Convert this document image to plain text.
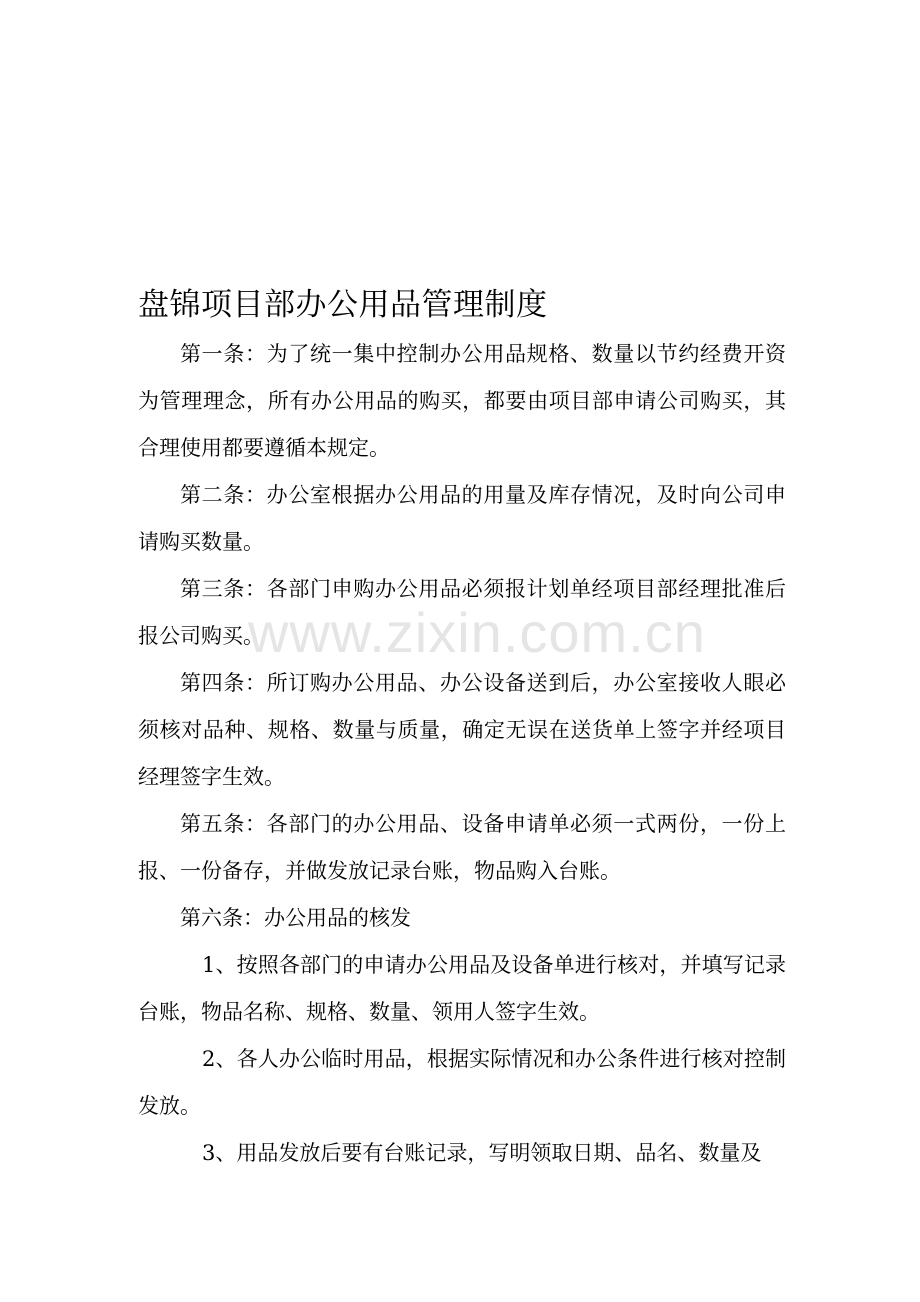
盘锦项目部办公用品管理制度

第一条：为了统一集中控制办公用品规格、数量以节约经费开资为管理理念，所有办公用品的购买，都要由项目部申请公司购买，其合理使用都要遵循本规定。

第二条：办公室根据办公用品的用量及库存情况，及时向公司申请购买数量。

第三条：各部门申购办公用品必须报计划单经项目部经理批准后报公司购买。

第四条：所订购办公用品、办公设备送到后，办公室接收人眼必须核对品种、规格、数量与质量，确定无误在送货单上签字并经项目经理签字生效。

第五条：各部门的办公用品、设备申请单必须一式两份，一份上报、一份备存，并做发放记录台账，物品购入台账。

第六条：办公用品的核发

1、按照各部门的申请办公用品及设备单进行核对，并填写记录台账，物品名称、规格、数量、领用人签字生效。

2、各人办公临时用品，根据实际情况和办公条件进行核对控制发放。

3、用品发放后要有台账记录，写明领取日期、品名、数量及

www.zixin.com.cn
